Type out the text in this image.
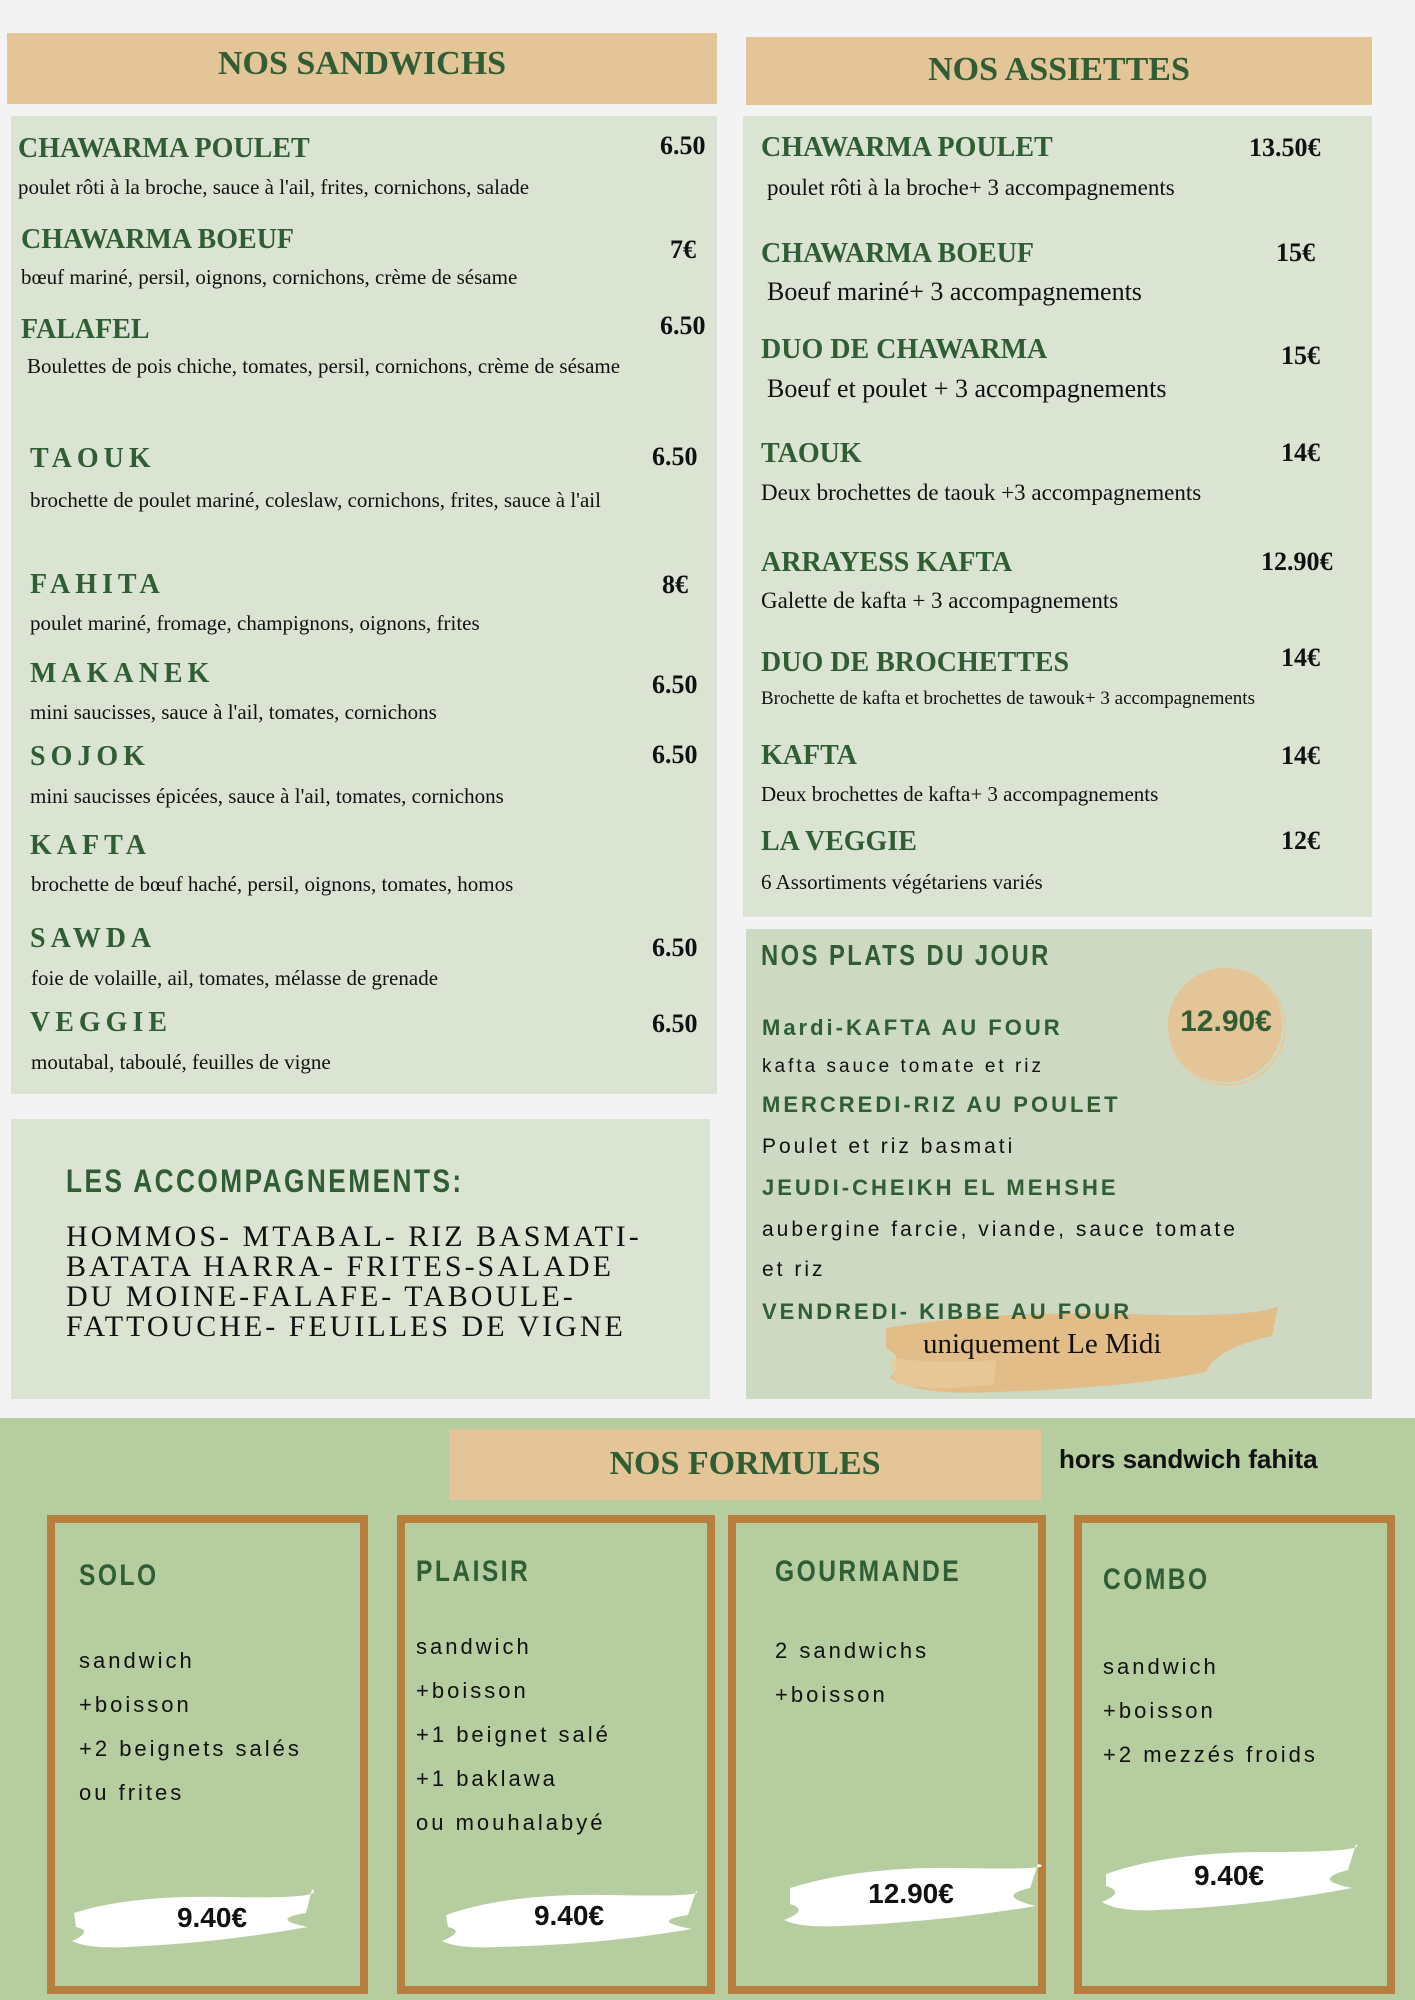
NOS SANDWICHS
CHAWARMA POULET	6.50
poulet rôti à la broche, sauce à l'ail, frites, cornichons, salade
CHAWARMA BOEUF	7€
bœuf mariné, persil, oignons, cornichons, crème de sésame
FALAFEL	6.50
Boulettes de pois chiche, tomates, persil, cornichons, crème de sésame
TAOUK	6.50
brochette de poulet mariné, coleslaw, cornichons, frites, sauce à l'ail
FAHITA	8€
poulet mariné, fromage, champignons, oignons, frites
MAKANEK	6.50
mini saucisses, sauce à l'ail, tomates, cornichons
SOJOK	6.50
mini saucisses épicées, sauce à l'ail, tomates, cornichons
KAFTA
brochette de bœuf haché, persil, oignons, tomates, homos
SAWDA	6.50
foie de volaille, ail, tomates, mélasse de grenade
VEGGIE	6.50
moutabal, taboulé, feuilles de vigne
NOS ASSIETTES
CHAWARMA POULET	13.50€
poulet rôti à la broche+ 3 accompagnements
CHAWARMA BOEUF	15€
Boeuf mariné+ 3 accompagnements
DUO DE CHAWARMA	15€
Boeuf et poulet + 3 accompagnements
TAOUK	14€
Deux brochettes de taouk +3 accompagnements
ARRAYESS KAFTA	12.90€
Galette de kafta + 3 accompagnements
DUO DE BROCHETTES	14€
Brochette de kafta et brochettes de tawouk+ 3 accompagnements
KAFTA	14€
Deux brochettes de kafta+ 3 accompagnements
LA VEGGIE	12€
6 Assortiments végétariens variés
LES ACCOMPAGNEMENTS:
HOMMOS- MTABAL- RIZ BASMATI-
BATATA HARRA- FRITES-SALADE
DU MOINE-FALAFE- TABOULE-
FATTOUCHE- FEUILLES DE VIGNE
NOS PLATS DU JOUR
12.90€
Mardi-KAFTA AU FOUR
kafta sauce tomate et riz
MERCREDI-RIZ AU POULET
Poulet et riz basmati
JEUDI-CHEIKH EL MEHSHE
aubergine farcie, viande, sauce tomate
et riz
VENDREDI- KIBBE AU FOUR
uniquement Le Midi
NOS FORMULES	hors sandwich fahita
SOLO
sandwich
+boisson
+2 beignets salés
ou frites
9.40€
PLAISIR
sandwich
+boisson
+1 beignet salé
+1 baklawa
ou mouhalabyé
9.40€
GOURMANDE
2 sandwichs
+boisson
12.90€
COMBO
sandwich
+boisson
+2 mezzés froids
9.40€
